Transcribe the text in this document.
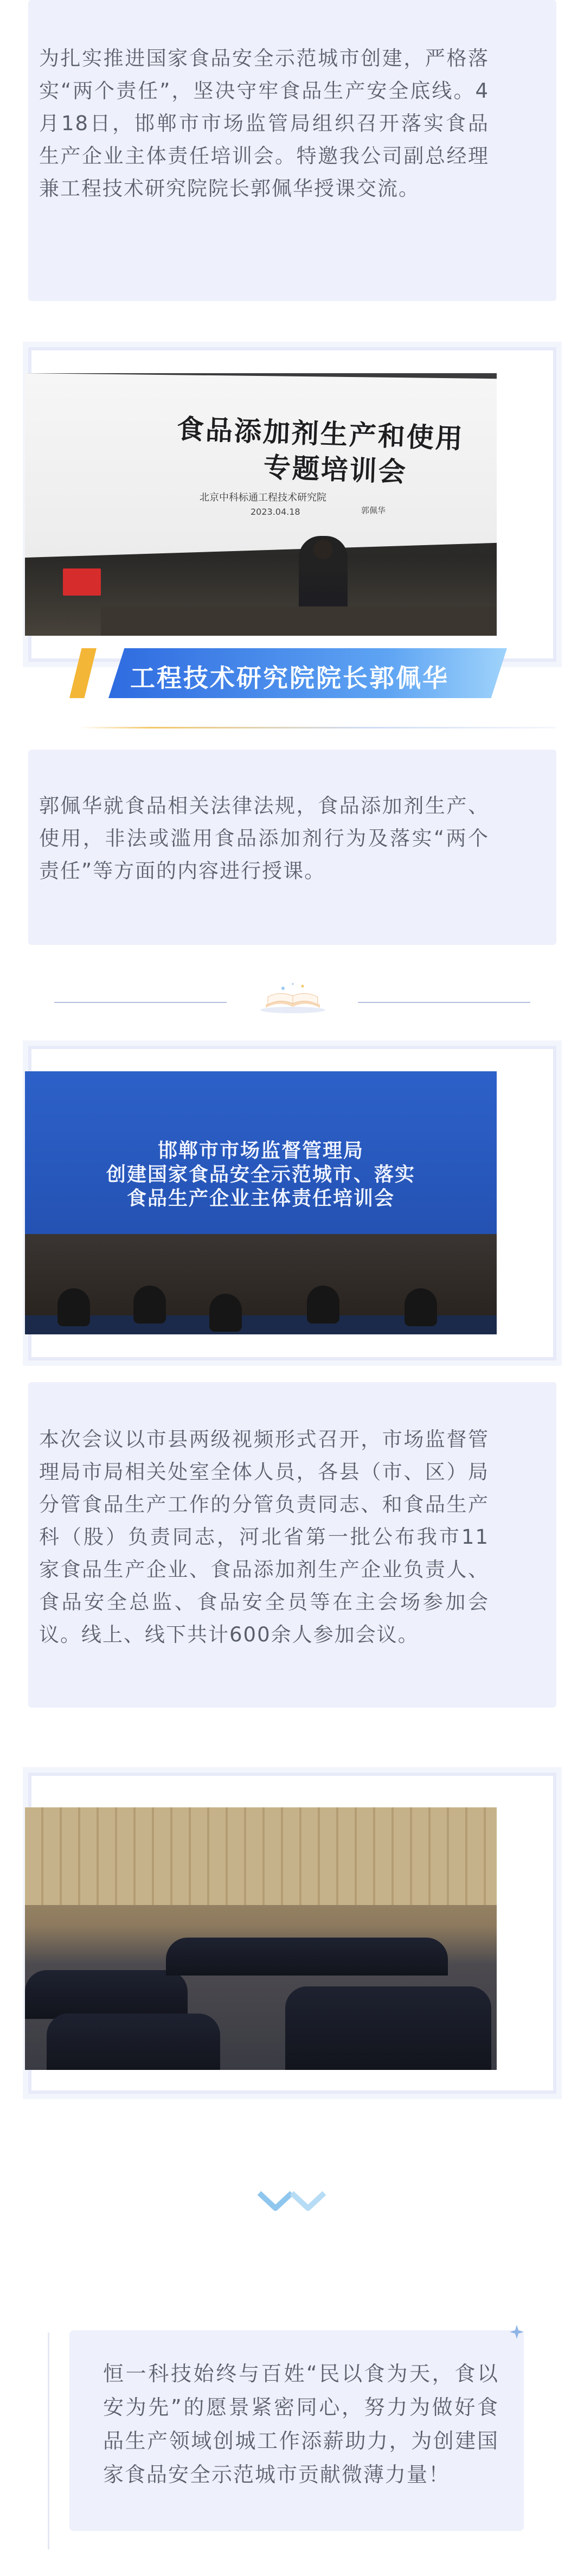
为扎实推进国家食品安全示范城市创建，严格落实“两个责任”，坚决守牢食品生产安全底线。4月18日，邯郸市市场监管局组织召开落实食品生产企业主体责任培训会。特邀我公司副总经理兼工程技术研究院院长郭佩华授课交流。

食品添加剂生产和使用
专题培训会
北京中科标通工程技术研究院
2023.04.18	郭佩华
工程技术研究院院长郭佩华

郭佩华就食品相关法律法规，食品添加剂生产、使用，非法或滥用食品添加剂行为及落实“两个责任”等方面的内容进行授课。

邯郸市市场监督管理局
创建国家食品安全示范城市、落实
食品生产企业主体责任培训会

本次会议以市县两级视频形式召开，市场监督管理局市局相关处室全体人员，各县（市、区）局分管食品生产工作的分管负责同志、和食品生产科（股）负责同志，河北省第一批公布我市11家食品生产企业、食品添加剂生产企业负责人、食品安全总监、食品安全员等在主会场参加会议。线上、线下共计600余人参加会议。

恒一科技始终与百姓“民以食为天，食以安为先”的愿景紧密同心，努力为做好食品生产领域创城工作添薪助力，为创建国家食品安全示范城市贡献微薄力量！
